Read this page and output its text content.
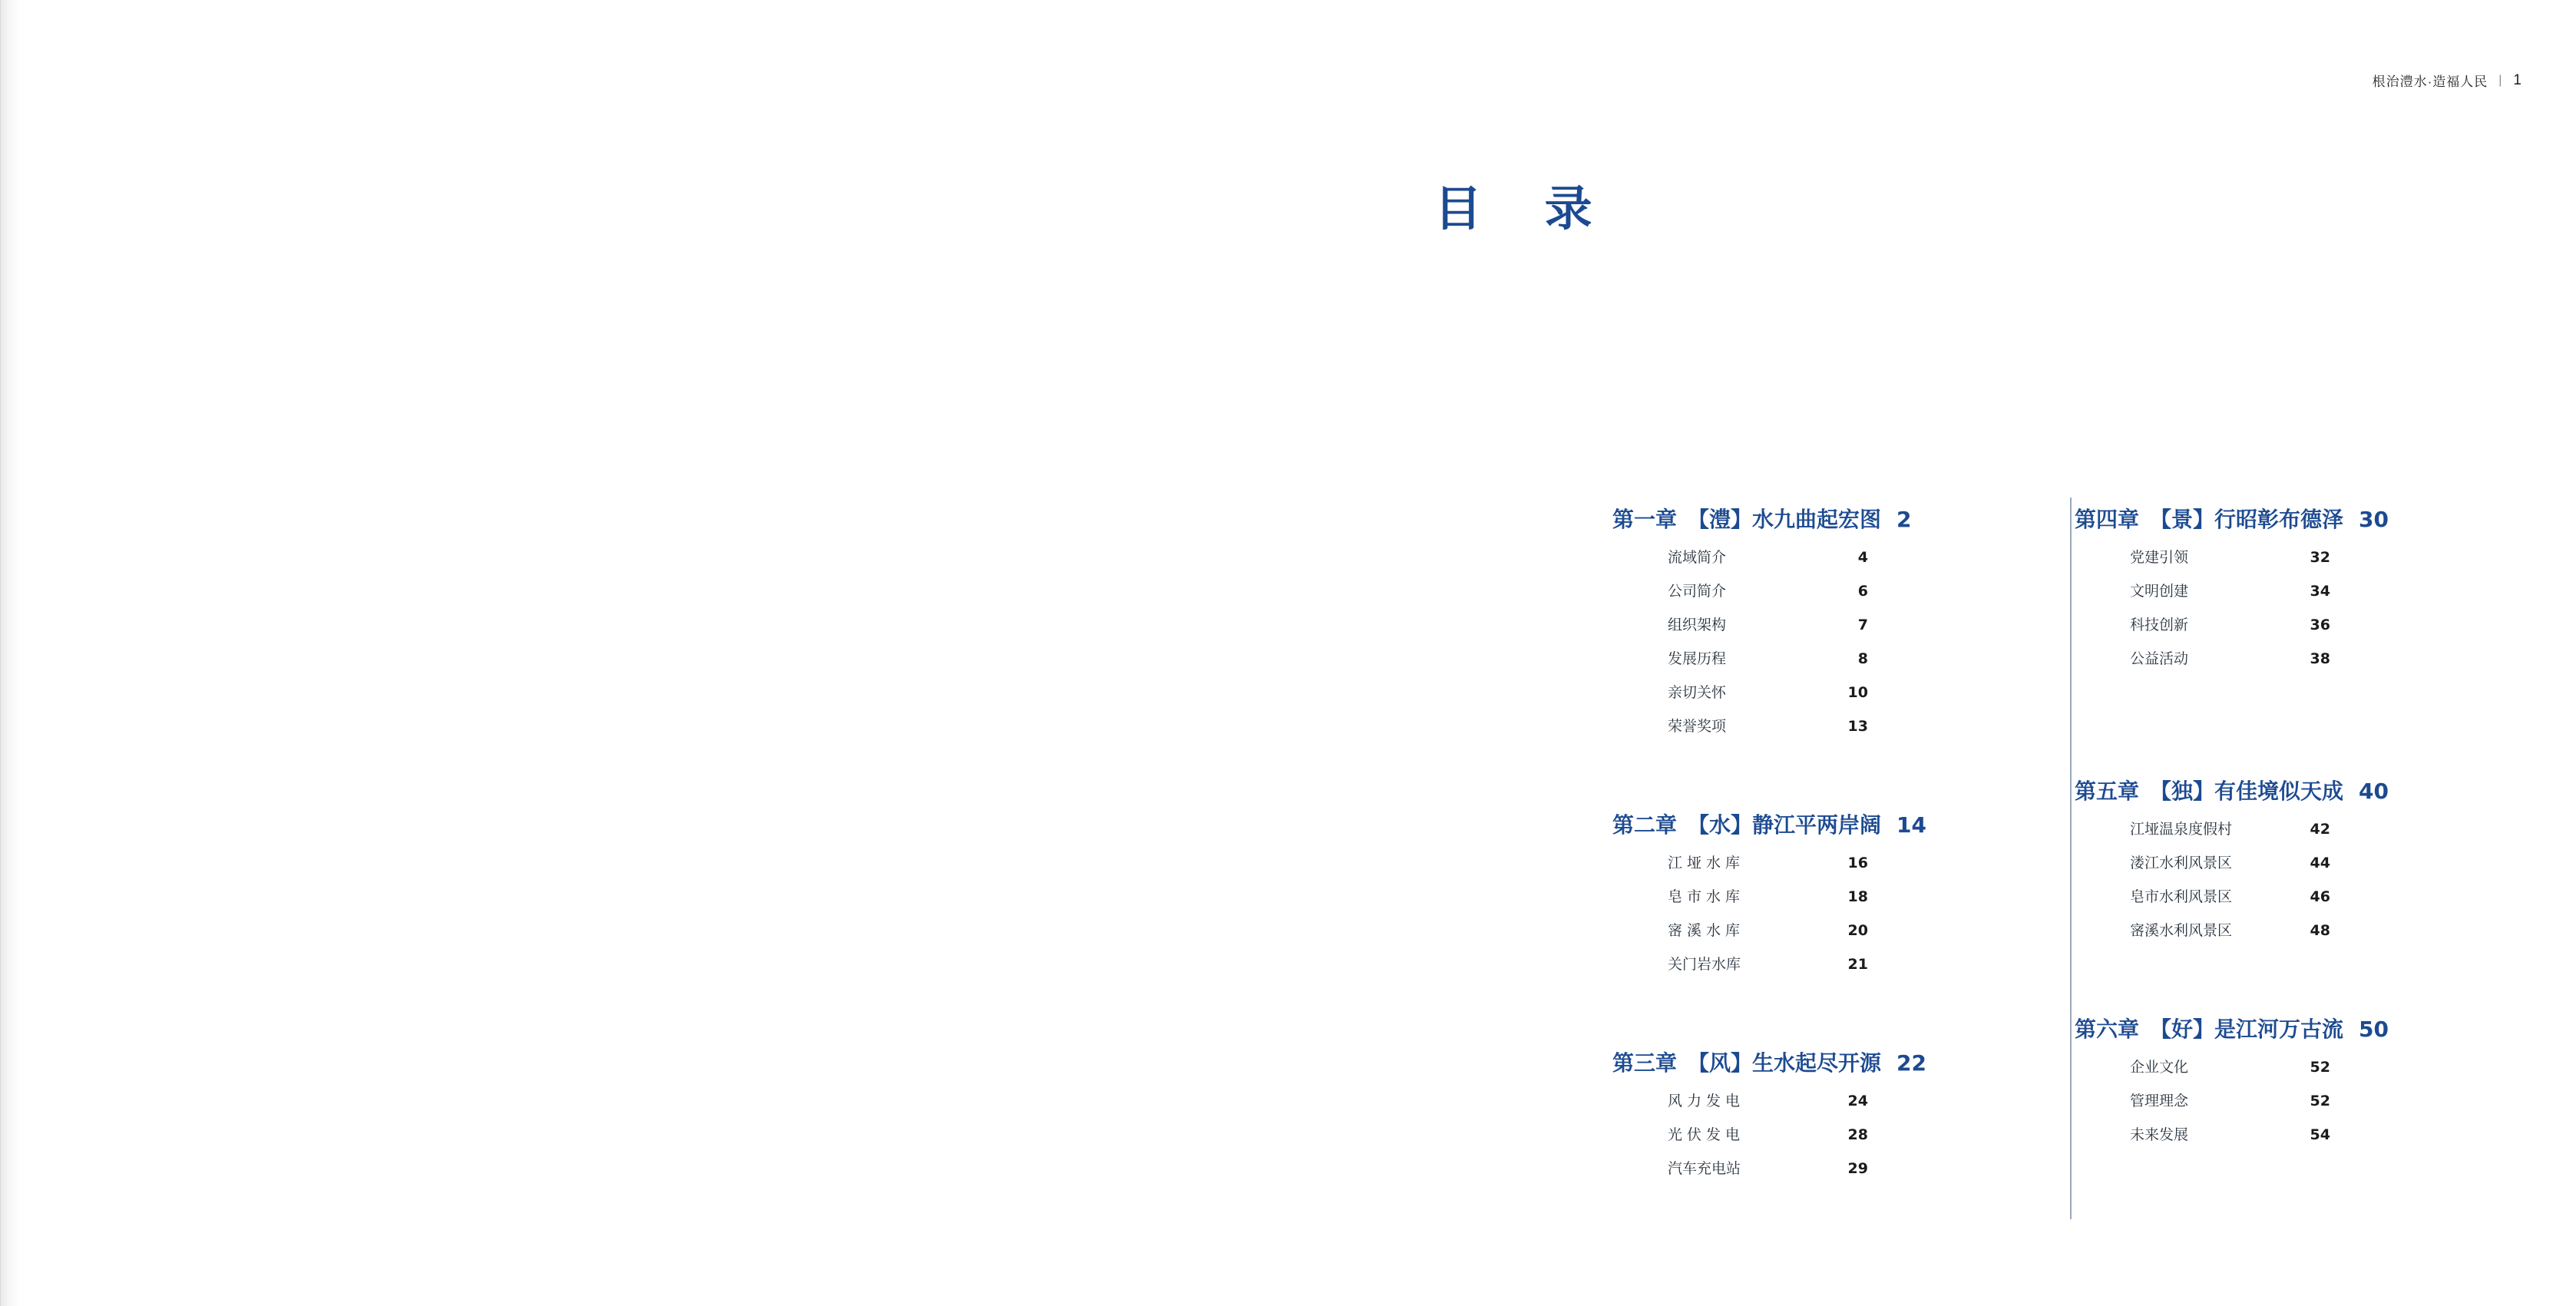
根治澧水·造福人民 | 1
目 录
第一章 【澧】水九曲起宏图 2
流域简介	4
公司简介	6
组织架构	7
发展历程	8
亲切关怀	10
荣誉奖项	13
第二章 【水】静江平两岸阔 14
江垭水库	16
皂市水库	18
宻溪水库	20
关门岩水库	21
第三章 【风】生水起尽开源 22
风力发电	24
光伏发电	28
汽车充电站	29
第四章 【景】行昭彰布德泽 30
党建引领	32
文明创建	34
科技创新	36
公益活动	38
第五章 【独】有佳境似天成 40
江垭温泉度假村	42
溇江水利风景区	44
皂市水利风景区	46
宻溪水利风景区	48
第六章 【好】是江河万古流 50
企业文化	52
管理理念	52
未来发展	54
